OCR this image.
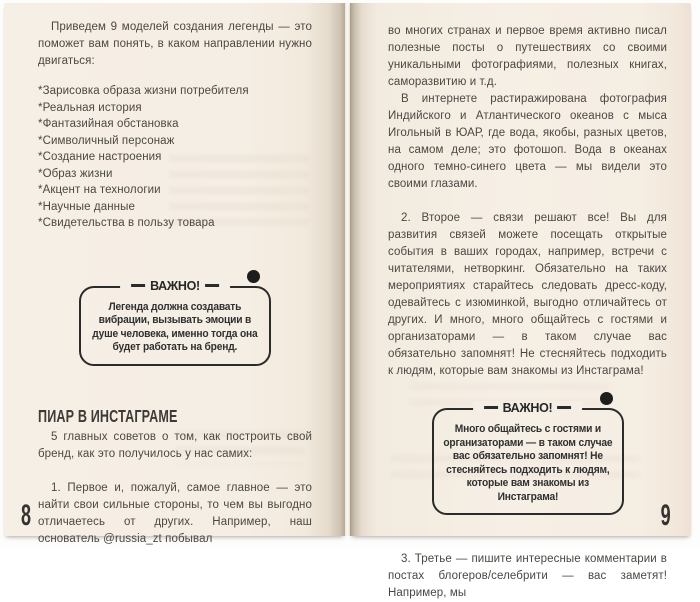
Приведем 9 моделей создания легенды — это поможет вам понять, в каком направлении нужно двигаться:

*Зарисовка образа жизни потребителя
*Реальная история
*Фантазийная обстановка
*Символичный персонаж
*Создание настроения
*Образ жизни
*Акцент на технологии
*Научные данные
*Свидетельства в пользу товара
ВАЖНО!

Легенда должна создавать вибрации, вызывать эмоции в душе человека, именно тогда она будет работать на бренд.

ПИАР В ИНСТАГРАМЕ

5 главных советов о том, как построить свой бренд, как это получилось у нас самих:

1. Первое и, пожалуй, самое главное — это найти свои сильные стороны, то чем вы выгодно отличаетесь от других. Например, наш основатель @russia_zt побывал

8

во многих странах и первое время активно писал полезные посты о путешествиях со своими уникальными фотографиями, полезных книгах, саморазвитию и т.д.

В интернете растиражирована фотография Индийского и Атлантического океанов с мыса Игольный в ЮАР, где вода, якобы, разных цветов, на самом деле; это фотошоп. Вода в океанах одного темно-синего цвета — мы видели это своими глазами.

2. Второе — связи решают все! Вы для развития связей можете посещать открытые события в ваших городах, например, встречи с читателями, нетворкинг. Обязательно на таких мероприятиях старайтесь следовать дресс-коду, одевайтесь с изюминкой, выгодно отличайтесь от других. И много, много общайтесь с гостями и организаторами — в таком случае вас обязательно запомнят! Не стесняйтесь подходить к людям, которые вам знакомы из Инстаграма!

ВАЖНО!

Много общайтесь с гостями и организаторами — в таком случае вас обязательно запомнят! Не стесняйтесь подходить к людям, которые вам знакомы из Инстаграма!

3. Третье — пишите интересные комментарии в постах блогеров/селебрити — вас заметят! Например, мы

9
